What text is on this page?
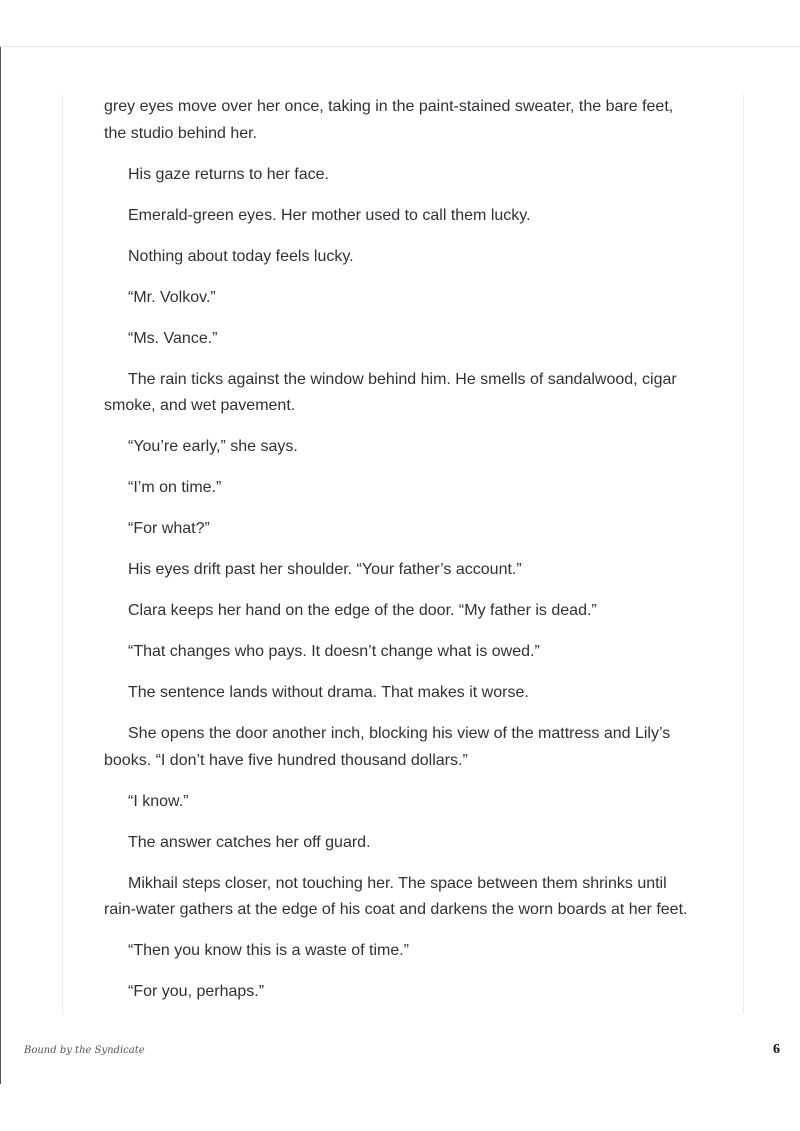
grey eyes move over her once, taking in the paint-stained sweater, the bare feet, the studio behind her.

His gaze returns to her face.

Emerald-green eyes. Her mother used to call them lucky.

Nothing about today feels lucky.

“Mr. Volkov.”

“Ms. Vance.”

The rain ticks against the window behind him. He smells of sandalwood, cigar smoke, and wet pavement.

“You’re early,” she says.

“I’m on time.”

“For what?”

His eyes drift past her shoulder. “Your father’s account.”

Clara keeps her hand on the edge of the door. “My father is dead.”

“That changes who pays. It doesn’t change what is owed.”

The sentence lands without drama. That makes it worse.

She opens the door another inch, blocking his view of the mattress and Lily’s books. “I don’t have five hundred thousand dollars.”

“I know.”

The answer catches her off guard.

Mikhail steps closer, not touching her. The space between them shrinks until rain-water gathers at the edge of his coat and darkens the worn boards at her feet.

“Then you know this is a waste of time.”

“For you, perhaps.”

Bound by the Syndicate	6
